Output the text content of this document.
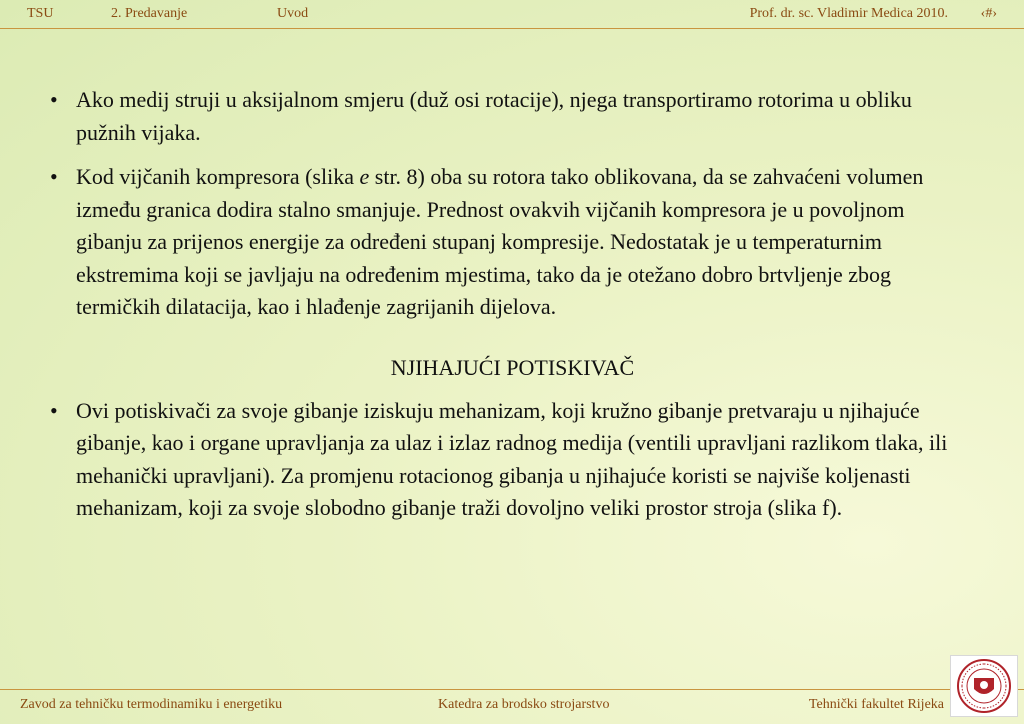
TSU	2. Predavanje	Uvod	Prof. dr. sc. Vladimir Medica 2010. ‹#›
• Ako medij struji u aksijalnom smjeru (duž osi rotacije), njega transportiramo rotorima u obliku pužnih vijaka.
• Kod vijčanih kompresora (slika e str. 8) oba su rotora tako oblikovana, da se zahvaćeni volumen između granica dodira stalno smanjuje. Prednost ovakvih vijčanih kompresora je u povoljnom gibanju za prijenos energije za određeni stupanj kompresije. Nedostatak je u temperaturnim ekstremima koji se javljaju na određenim mjestima, tako da je otežano dobro brtvljenje zbog termičkih dilatacija, kao i hlađenje zagrijanih dijelova.
NJIHAJUĆI POTISKIVAČ
• Ovi potiskivači za svoje gibanje iziskuju mehanizam, koji kružno gibanje pretvaraju u njihajuće gibanje, kao i organe upravljanja za ulaz i izlaz radnog medija (ventili upravljani razlikom tlaka, ili mehanički upravljani). Za promjenu rotacionog gibanja u njihajuće koristi se najviše koljenasti mehanizam, koji za svoje slobodno gibanje traži dovoljno veliki prostor stroja (slika f).
Zavod za tehničku termodinamiku i energetiku	Katedra za brodsko strojarstvo	Tehnički fakultet Rijeka
